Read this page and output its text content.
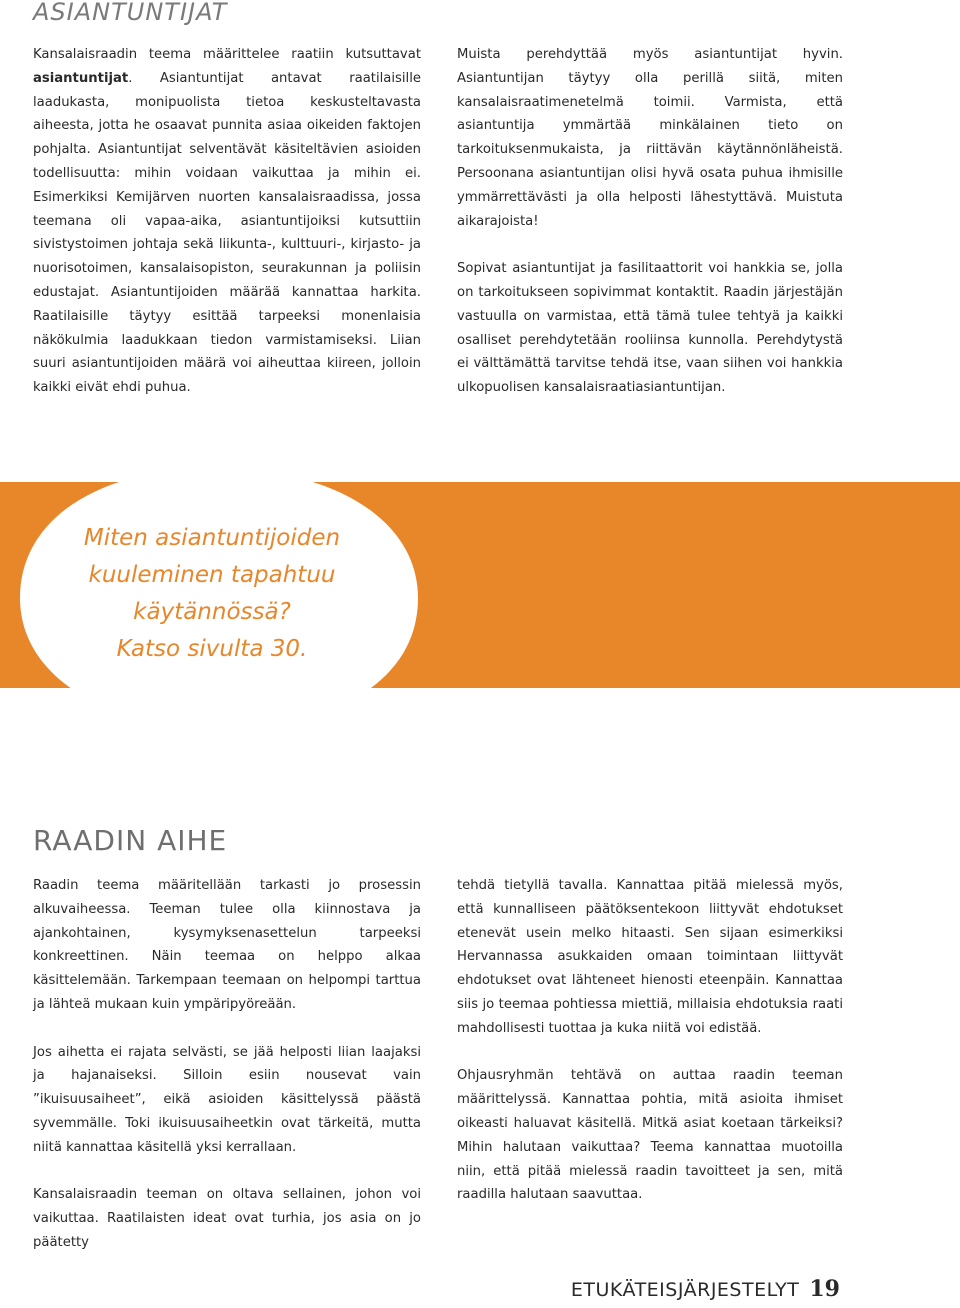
ASIANTUNTIJAT

Kansalaisraadin teema määrittelee raatiin kutsuttavat asiantuntijat. Asiantuntijat antavat raatilaisille laadukasta, monipuolista tietoa keskusteltavasta aiheesta, jotta he osaavat punnita asiaa oikeiden faktojen pohjalta. Asiantuntijat selventävät käsiteltävien asioiden todellisuutta: mihin voidaan vaikuttaa ja mihin ei. Esimerkiksi Kemijärven nuorten kansalaisraadissa, jossa teemana oli vapaa-aika, asiantuntijoiksi kutsuttiin sivistystoimen johtaja sekä liikunta-, kulttuuri-, kirjasto- ja nuorisotoimen, kansalaisopiston, seurakunnan ja poliisin edustajat. Asiantuntijoiden määrää kannattaa harkita. Raatilaisille täytyy esittää tarpeeksi monenlaisia näkökulmia laadukkaan tiedon varmistamiseksi. Liian suuri asiantuntijoiden määrä voi aiheuttaa kiireen, jolloin kaikki eivät ehdi puhua.

Muista perehdyttää myös asiantuntijat hyvin. Asiantuntijan täytyy olla perillä siitä, miten kansalaisraatimenetelmä toimii. Varmista, että asiantuntija ymmärtää minkälainen tieto on tarkoituksenmukaista, ja riittävän käytännönläheistä. Persoonana asiantuntijan olisi hyvä osata puhua ihmisille ymmärrettävästi ja olla helposti lähestyttävä. Muistuta aikarajoista!

Sopivat asiantuntijat ja fasilitaattorit voi hankkia se, jolla on tarkoitukseen sopivimmat kontaktit. Raadin järjestäjän vastuulla on varmistaa, että tämä tulee tehtyä ja kaikki osalliset perehdytetään rooliinsa kunnolla. Perehdytystä ei välttämättä tarvitse tehdä itse, vaan siihen voi hankkia ulkopuolisen kansalaisraatiasiantuntijan.

Miten asiantuntijoiden
kuuleminen tapahtuu
käytännössä?
Katso sivulta 30.
RAADIN AIHE

Raadin teema määritellään tarkasti jo prosessin alkuvaiheessa. Teeman tulee olla kiinnostava ja ajankohtainen, kysymyksenasettelun tarpeeksi konkreettinen. Näin teemaa on helppo alkaa käsittelemään. Tarkempaan teemaan on helpompi tarttua ja lähteä mukaan kuin ympäripyöreään.

Jos aihetta ei rajata selvästi, se jää helposti liian laajaksi ja hajanaiseksi. Silloin esiin nousevat vain ”ikuisuusaiheet”, eikä asioiden käsittelyssä päästä syvemmälle. Toki ikuisuusaiheetkin ovat tärkeitä, mutta niitä kannattaa käsitellä yksi kerrallaan.

Kansalaisraadin teeman on oltava sellainen, johon voi vaikuttaa. Raatilaisten ideat ovat turhia, jos asia on jo päätetty

tehdä tietyllä tavalla. Kannattaa pitää mielessä myös, että kunnalliseen päätöksentekoon liittyvät ehdotukset etenevät usein melko hitaasti. Sen sijaan esimerkiksi Hervannassa asukkaiden omaan toimintaan liittyvät ehdotukset ovat lähteneet hienosti eteenpäin. Kannattaa siis jo teemaa pohtiessa miettiä, millaisia ehdotuksia raati mahdollisesti tuottaa ja kuka niitä voi edistää.

Ohjausryhmän tehtävä on auttaa raadin teeman määrittelyssä. Kannattaa pohtia, mitä asioita ihmiset oikeasti haluavat käsitellä. Mitkä asiat koetaan tärkeiksi? Mihin halutaan vaikuttaa? Teema kannattaa muotoilla niin, että pitää mielessä raadin tavoitteet ja sen, mitä raadilla halutaan saavuttaa.

ETUKÄTEISJÄRJESTELYT 19
